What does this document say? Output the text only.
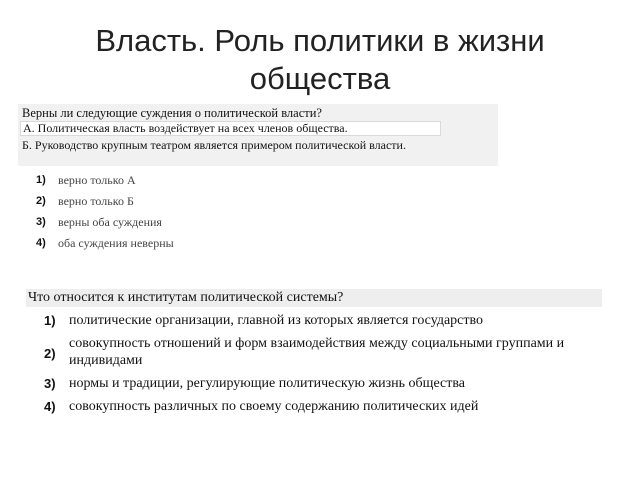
Власть. Роль политики в жизни общества
Верны ли следующие суждения о политической власти?
А. Политическая власть воздействует на всех членов общества.
Б. Руководство крупным театром является примером политической власти.
1) верно только А
2) верно только Б
3) верны оба суждения
4) оба суждения неверны
Что относится к институтам политической системы?
1) политические организации, главной из которых является государство
2)
совокупность отношений и форм взаимодействия между социальными группами и индивидами
3) нормы и традиции, регулирующие политическую жизнь общества
4) совокупность различных по своему содержанию политических идей
